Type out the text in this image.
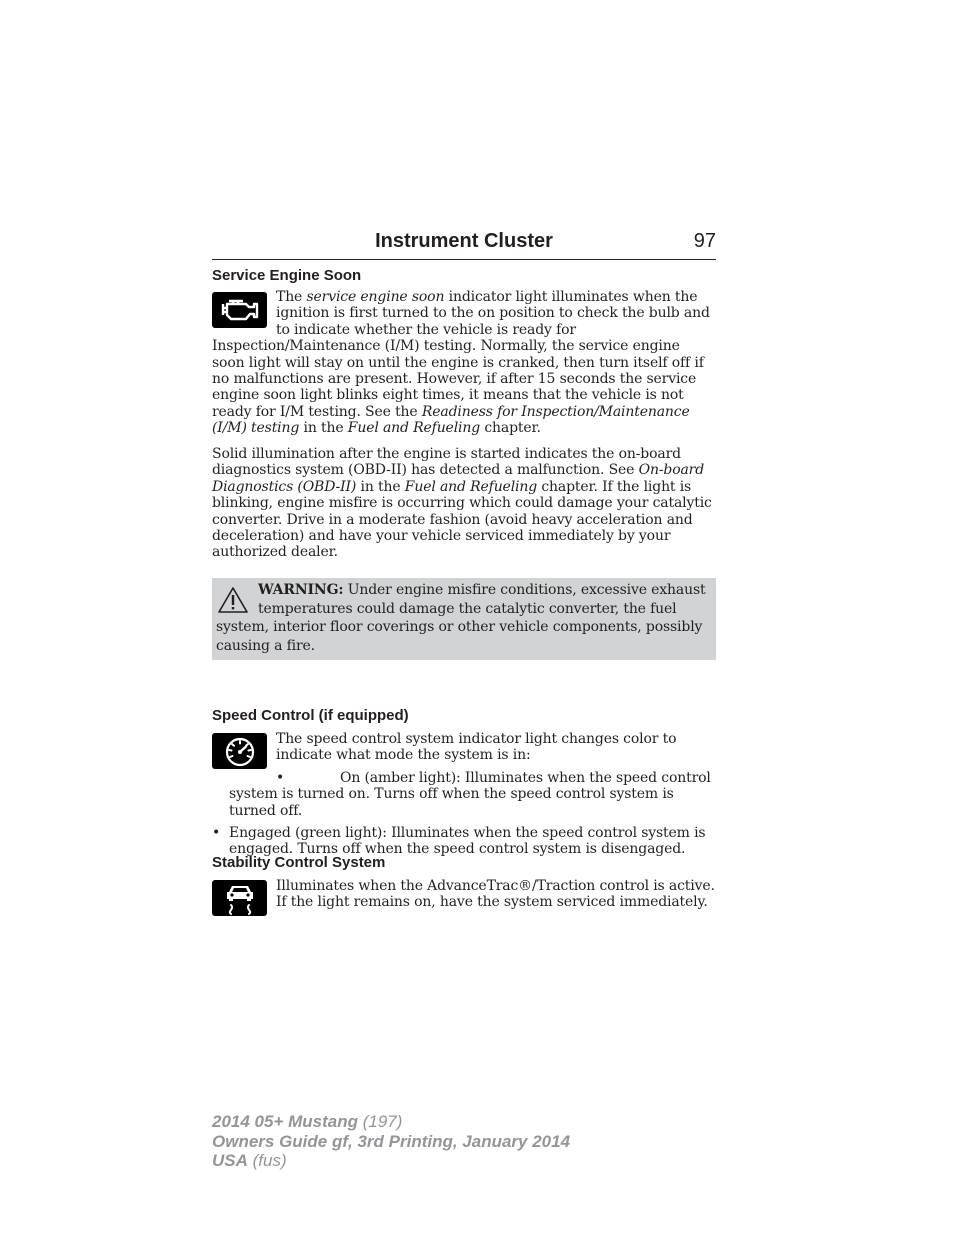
Instrument Cluster	97
Service Engine Soon

The service engine soon indicator light illuminates when the ignition is first turned to the on position to check the bulb and to indicate whether the vehicle is ready for Inspection/Maintenance (I/M) testing. Normally, the service engine soon light will stay on until the engine is cranked, then turn itself off if no malfunctions are present. However, if after 15 seconds the service engine soon light blinks eight times, it means that the vehicle is not ready for I/M testing. See the Readiness for Inspection/Maintenance (I/M) testing in the Fuel and Refueling chapter.

Solid illumination after the engine is started indicates the on-board diagnostics system (OBD-II) has detected a malfunction. See On-board Diagnostics (OBD-II) in the Fuel and Refueling chapter. If the light is blinking, engine misfire is occurring which could damage your catalytic converter. Drive in a moderate fashion (avoid heavy acceleration and deceleration) and have your vehicle serviced immediately by your authorized dealer.

WARNING: Under engine misfire conditions, excessive exhaust temperatures could damage the catalytic converter, the fuel system, interior floor coverings or other vehicle components, possibly causing a fire.

Speed Control (if equipped)

The speed control system indicator light changes color to indicate what mode the system is in:

•	On (amber light): Illuminates when the speed control system is turned on. Turns off when the speed control system is turned off.

• Engaged (green light): Illuminates when the speed control system is engaged. Turns off when the speed control system is disengaged.

Stability Control System

Illuminates when the AdvanceTrac®/Traction control is active. If the light remains on, have the system serviced immediately.

2014 05+ Mustang (197)
Owners Guide gf, 3rd Printing, January 2014
USA (fus)
